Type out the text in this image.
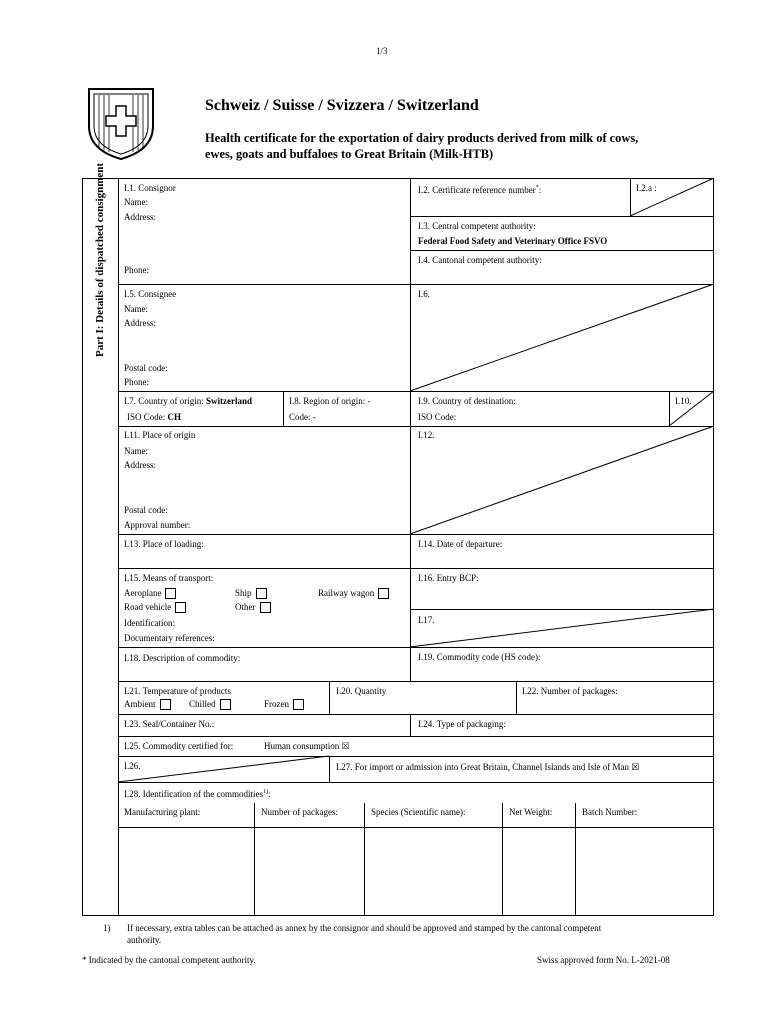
1/3
Schweiz / Suisse / Svizzera / Switzerland
Health certificate for the exportation of dairy products derived from milk of cows,
ewes, goats and buffaloes to Great Britain (Milk-HTB)
Part I: Details of dispatched consignment I.1. Consignor
Name:
Address:
Phone:
I.2. Certificate reference number*:	I.2.a :
I.3. Central competent authority:
Federal Food Safety and Veterinary Office FSVO
I.4. Cantonal competent authority:
I.5. Consignee
Name:
Address:
Postal code:
Phone:
I.6.
I.7. Country of origin: Switzerland
ISO Code: CH
I.8. Region of origin: -
Code: -
I.9. Country of destination:
ISO Code:
I.10.
I.11. Place of origin
Name:
Address:
Postal code:
Approval number:
I.12.
I.13. Place of loading:	I.14. Date of departure:
I.15. Means of transport:
Aeroplane	Ship	Railway wagon
Road vehicle	Other
Identification:
Documentary references:
I.16. Entry BCP:
I.17.
I.18. Description of commodity:	I.19. Commodity code (HS code):
I.21. Temperature of products
Ambient	Chilled	Frozen
I.20. Quantity	I.22. Number of packages:
I.23. Seal/Container No.:	I.24. Type of packaging:
I.25. Commodity certified for:	Human consumption ☒
I.26.	I.27. For import or admission into Great Britain, Channel Islands and Isle of Man ☒
I.28. Identification of the commodities$^{1)}$:
Manufacturing plant:	Number of packages:	Species (Scientific name):	Net Weight:	Batch Number:
1) If necessary, extra tables can be attached as annex by the consignor and should be approved and stamped by the cantonal competent
authority.
* Indicated by the cantonal competent authority.	Swiss approved form No. L-2021-08
